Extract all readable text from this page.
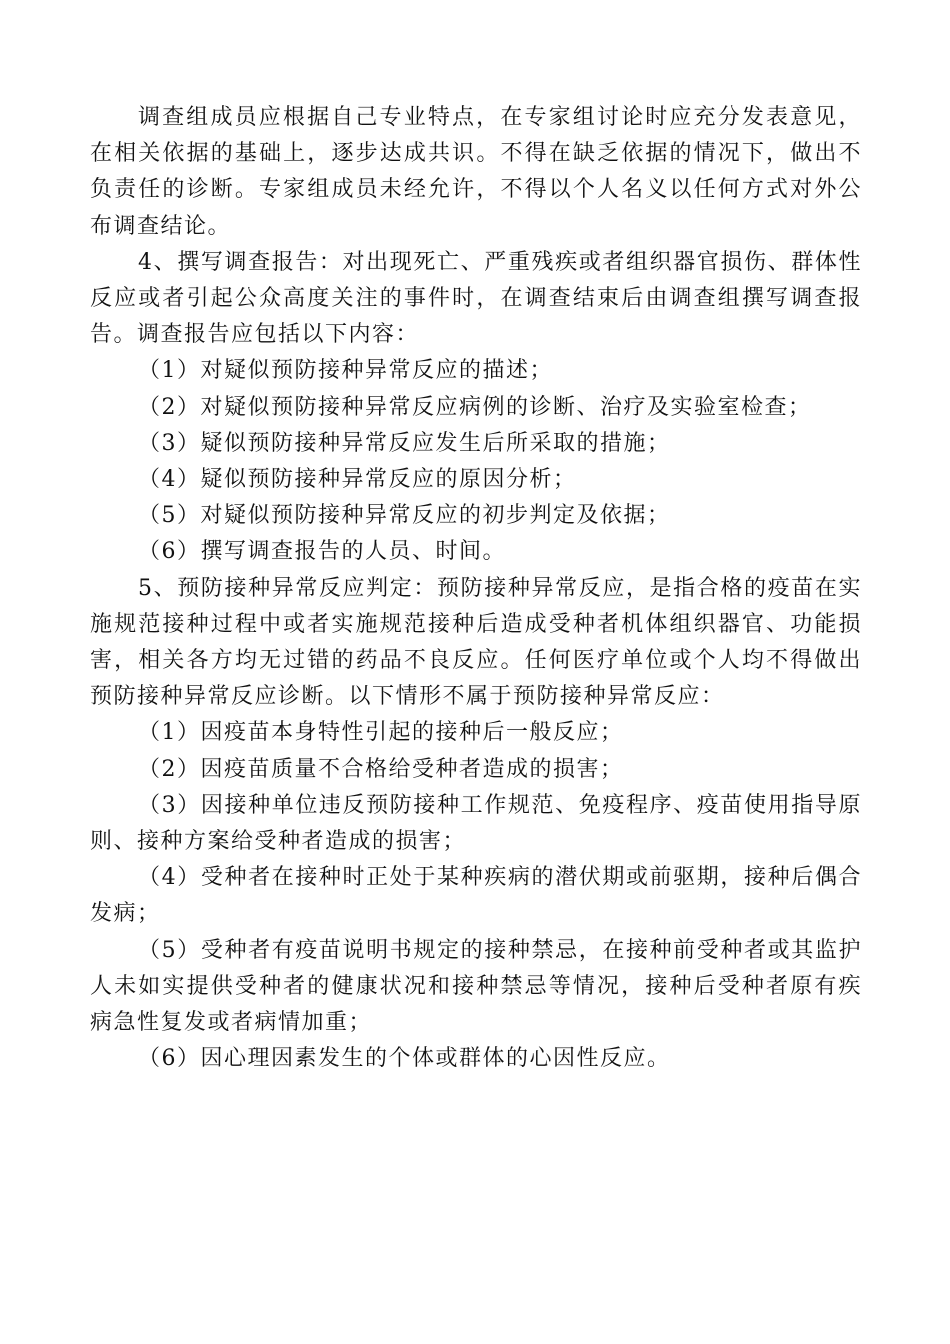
调查组成员应根据自己专业特点，在专家组讨论时应充分发表意见，在相关依据的基础上，逐步达成共识。不得在缺乏依据的情况下，做出不负责任的诊断。专家组成员未经允许，不得以个人名义以任何方式对外公布调查结论。

4、撰写调查报告：对出现死亡、严重残疾或者组织器官损伤、群体性反应或者引起公众高度关注的事件时，在调查结束后由调查组撰写调查报告。调查报告应包括以下内容：

（1）对疑似预防接种异常反应的描述；

（2）对疑似预防接种异常反应病例的诊断、治疗及实验室检查；

（3）疑似预防接种异常反应发生后所采取的措施；

（4）疑似预防接种异常反应的原因分析；

（5）对疑似预防接种异常反应的初步判定及依据；

（6）撰写调查报告的人员、时间。

5、预防接种异常反应判定：预防接种异常反应，是指合格的疫苗在实施规范接种过程中或者实施规范接种后造成受种者机体组织器官、功能损害，相关各方均无过错的药品不良反应。任何医疗单位或个人均不得做出预防接种异常反应诊断。以下情形不属于预防接种异常反应：

（1）因疫苗本身特性引起的接种后一般反应；

（2）因疫苗质量不合格给受种者造成的损害；

（3）因接种单位违反预防接种工作规范、免疫程序、疫苗使用指导原则、接种方案给受种者造成的损害；

（4）受种者在接种时正处于某种疾病的潜伏期或前驱期，接种后偶合发病；

（5）受种者有疫苗说明书规定的接种禁忌，在接种前受种者或其监护人未如实提供受种者的健康状况和接种禁忌等情况，接种后受种者原有疾病急性复发或者病情加重；

（6）因心理因素发生的个体或群体的心因性反应。
